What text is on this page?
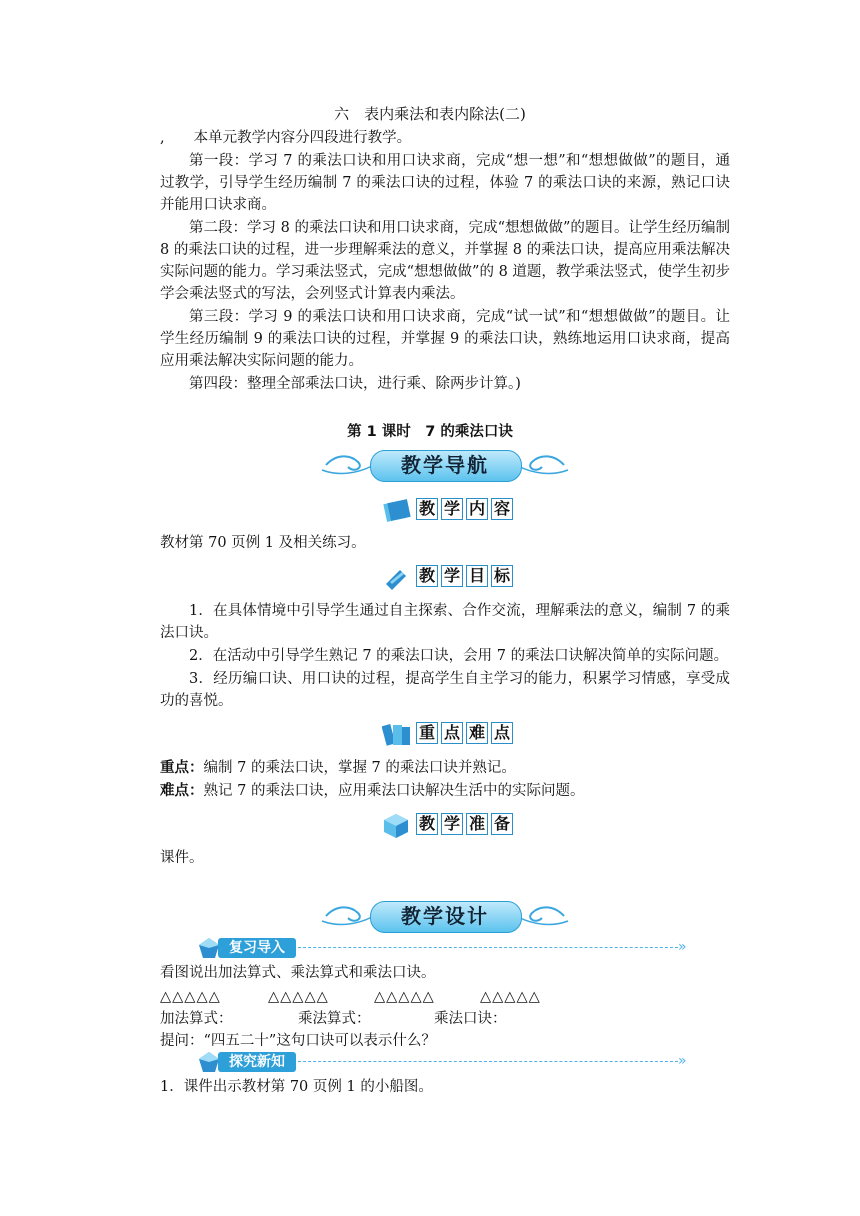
六　表内乘法和表内除法(二)
,　　本单元教学内容分四段进行教学。
第一段：学习 7 的乘法口诀和用口诀求商，完成“想一想”和“想想做做”的题目，通过教学，引导学生经历编制 7 的乘法口诀的过程，体验 7 的乘法口诀的来源，熟记口诀并能用口诀求商。
第二段：学习 8 的乘法口诀和用口诀求商，完成“想想做做”的题目。让学生经历编制 8 的乘法口诀的过程，进一步理解乘法的意义，并掌握 8 的乘法口诀，提高应用乘法解决实际问题的能力。学习乘法竖式，完成“想想做做”的 8 道题，教学乘法竖式，使学生初步学会乘法竖式的写法，会列竖式计算表内乘法。
第三段：学习 9 的乘法口诀和用口诀求商，完成“试一试”和“想想做做”的题目。让学生经历编制 9 的乘法口诀的过程，并掌握 9 的乘法口诀，熟练地运用口诀求商，提高应用乘法解决实际问题的能力。
第四段：整理全部乘法口诀，进行乘、除两步计算。)
第 1 课时　7 的乘法口诀
教学导航
教 学 内 容
教材第 70 页例 1 及相关练习。
教 学 目 标
1．在具体情境中引导学生通过自主探索、合作交流，理解乘法的意义，编制 7 的乘法口诀。
2．在活动中引导学生熟记 7 的乘法口诀，会用 7 的乘法口诀解决简单的实际问题。
3．经历编口诀、用口诀的过程，提高学生自主学习的能力，积累学习情感，享受成功的喜悦。
重 点 难 点
重点：编制 7 的乘法口诀，掌握 7 的乘法口诀并熟记。
难点：熟记 7 的乘法口诀，应用乘法口诀解决生活中的实际问题。
教 学 准 备
课件。
教学设计
复习导入	»
看图说出加法算式、乘法算式和乘法口诀。
△△△△△	△△△△△	△△△△△	△△△△△
加法算式：	乘法算式：	乘法口诀：
提问：“四五二十”这句口诀可以表示什么？
探究新知	»
1．课件出示教材第 70 页例 1 的小船图。
